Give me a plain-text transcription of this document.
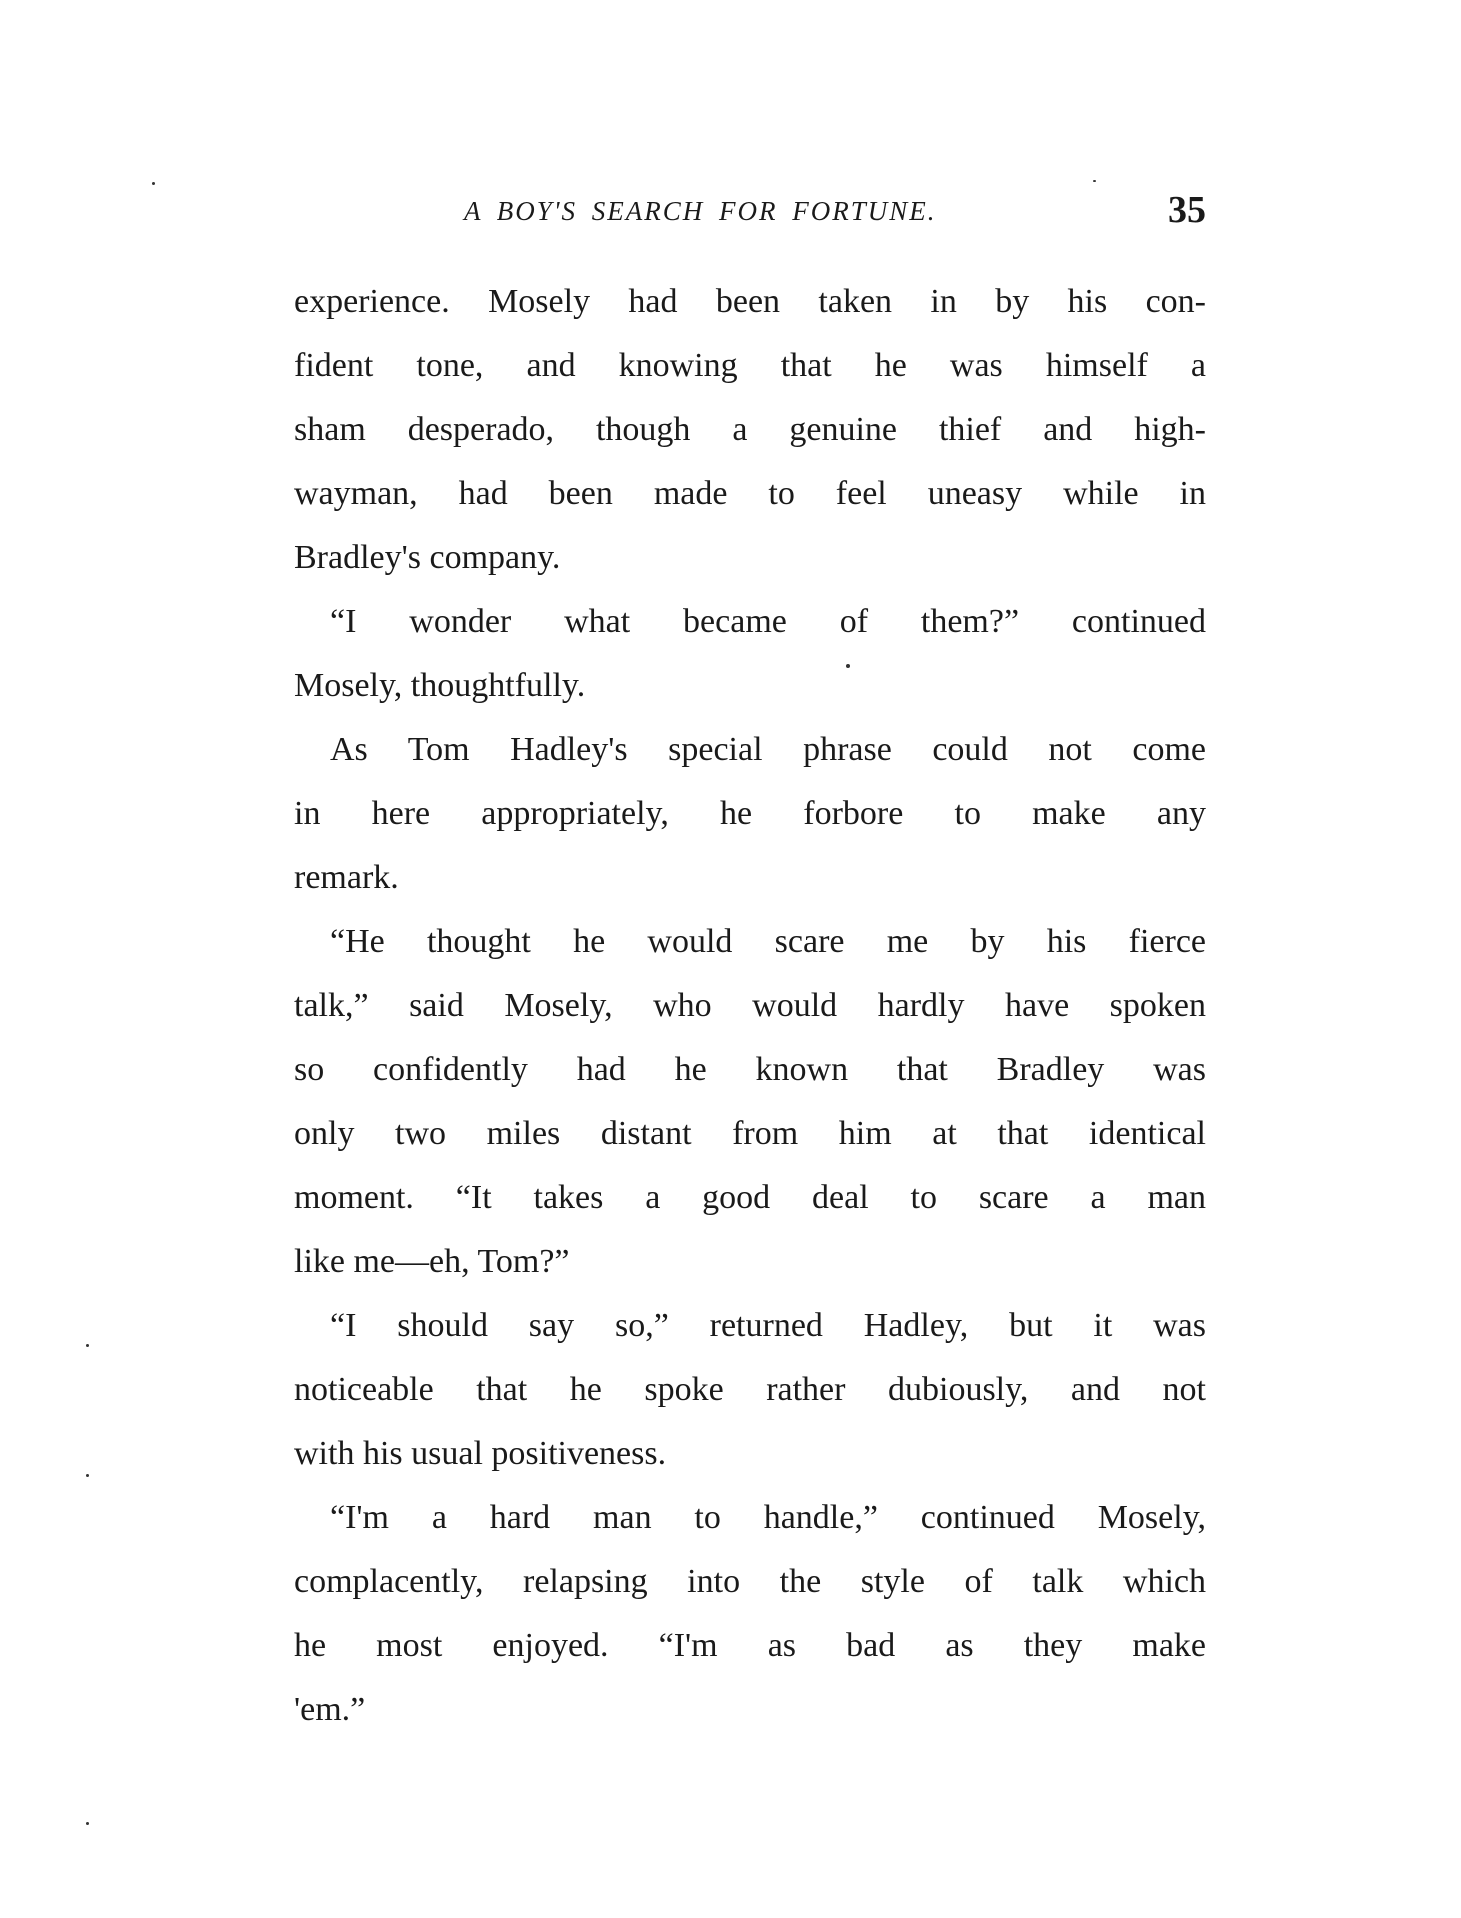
A BOY'S SEARCH FOR FORTUNE.	35
experience. Mosely had been taken in by his con-
fident tone, and knowing that he was himself a
sham desperado, though a genuine thief and high-
wayman, had been made to feel uneasy while in
Bradley's company.
“I wonder what became of them?” continued
Mosely, thoughtfully.
As Tom Hadley's special phrase could not come
in here appropriately, he forbore to make any
remark.
“He thought he would scare me by his fierce
talk,” said Mosely, who would hardly have spoken
so confidently had he known that Bradley was
only two miles distant from him at that identical
moment. “It takes a good deal to scare a man
like me—eh, Tom?”
“I should say so,” returned Hadley, but it was
noticeable that he spoke rather dubiously, and not
with his usual positiveness.
“I'm a hard man to handle,” continued Mosely,
complacently, relapsing into the style of talk which
he most enjoyed. “I'm as bad as they make
'em.”
